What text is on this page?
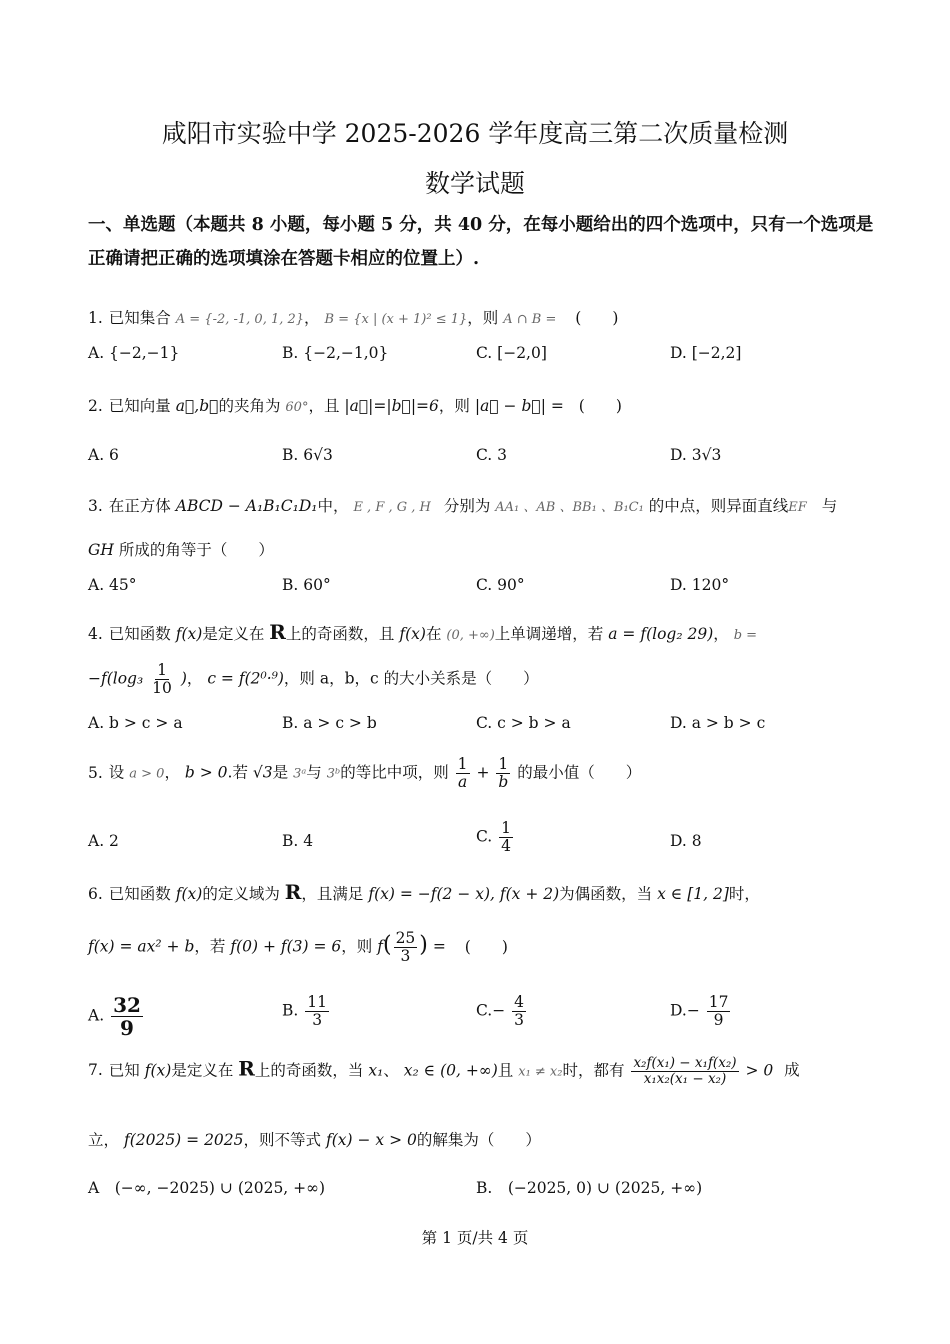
咸阳市实验中学 2025-2026 学年度高三第二次质量检测
数学试题
一、单选题（本题共 8 小题，每小题 5 分，共 40 分，在每小题给出的四个选项中，只有一个选项是正确请把正确的选项填涂在答题卡相应的位置上）.
1. 已知集合 A = {-2, -1, 0, 1, 2}， B = {x | (x + 1)² ≤ 1}，则 A ∩ B = (　　)
A. {−2,−1}	B. {−2,−1,0}	C. [−2,0]	D. [−2,2]
2. 已知向量 a⃗,b⃗的夹角为 60°，且 |a⃗|=|b⃗|=6，则 |a⃗ − b⃗| = (　　)
A. 6	B. 6√3	C. 3	D. 3√3
3. 在正方体 ABCD − A₁B₁C₁D₁中， E , F , G , H 分别为 AA₁ 、AB 、BB₁ 、B₁C₁ 的中点，则异面直线EF 与
GH 所成的角等于（　　）
A. 45°	B. 60°	C. 90°	D. 120°
4. 已知函数 f(x)是定义在 R上的奇函数，且 f(x)在 (0, +∞)上单调递增，若 a = f(log₂ 29)， b =
$-f(\log_3 \frac{1}{10}$ )， c = f(2⁰·⁹)，则 a，b，c 的大小关系是（　　）
A. b > c > a	B. a > c > b	C. c > b > a	D. a > b > c
5. 设 a > 0， b > 0.若 √3是 3ᵃ与 3ᵇ的等比中项，则 $\frac{1}{a} + \frac{1}{b}$ 的最小值（　　）
A. 2	B. 4	C. $\frac{1}{4}$	D. 8
6. 已知函数 f(x)的定义域为 R，且满足 f(x) = −f(2 − x), f(x + 2)为偶函数，当 x ∈ [1, 2]时，
f(x) = ax² + b，若 f(0) + f(3) = 6，则 $f( \frac{25}{3}$ ) = (　　)
A. $\frac{32}{9}$	B. $\frac{11}{3}$	$C.- \frac{4}{3}$	$D.- \frac{17}{9}$
7. 已知 f(x)是定义在 R上的奇函数，当 x₁、 x₂ ∈ (0, +∞)且 x₁ ≠ x₂时，都有 $\frac{\text{x₂f(x₁) − x₁f(x₂)}}{\text{x₁x₂(x₁ − x₂)}} > 0$ 成
立， f(2025) = 2025，则不等式 f(x) − x > 0的解集为（　　）
A　(−∞, −2025) ∪ (2025, +∞)	B.　(−2025, 0) ∪ (2025, +∞)
第 1 页/共 4 页
